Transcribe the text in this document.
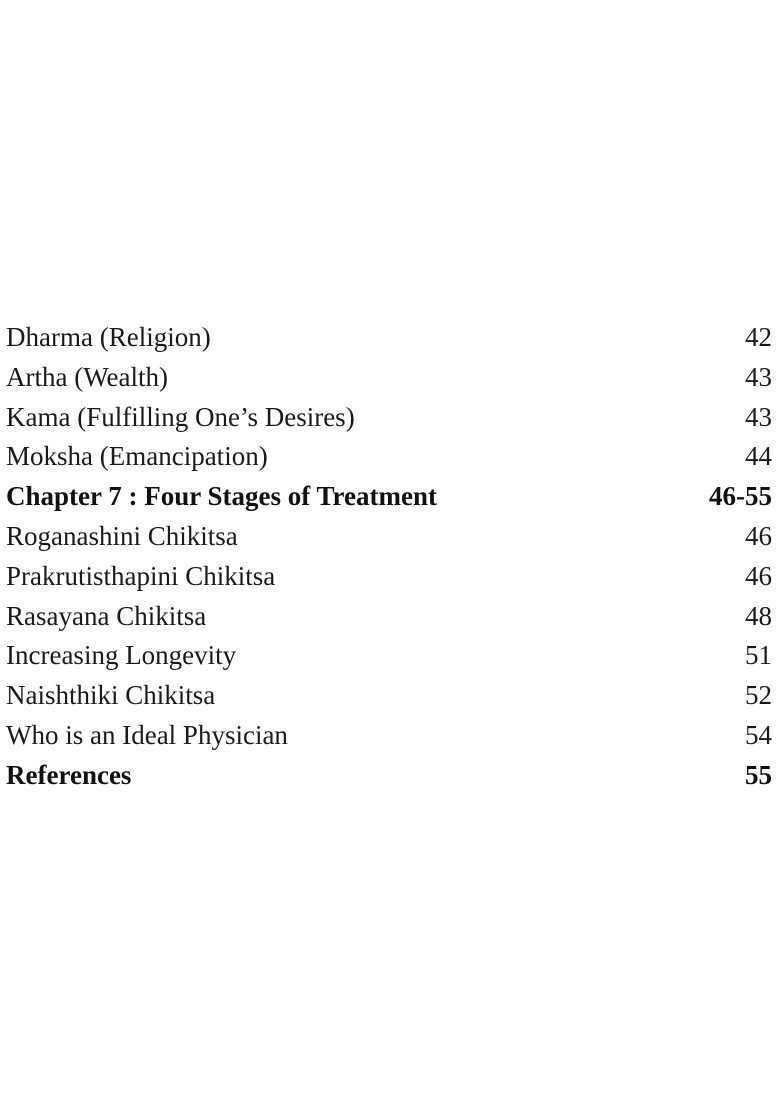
Dharma (Religion)	42
Artha (Wealth)	43
Kama (Fulfilling One’s Desires)	43
Moksha (Emancipation)	44
Chapter 7 : Four Stages of Treatment	46-55
Roganashini Chikitsa	46
Prakrutisthapini Chikitsa	46
Rasayana Chikitsa	48
Increasing Longevity	51
Naishthiki Chikitsa	52
Who is an Ideal Physician	54
References	55
